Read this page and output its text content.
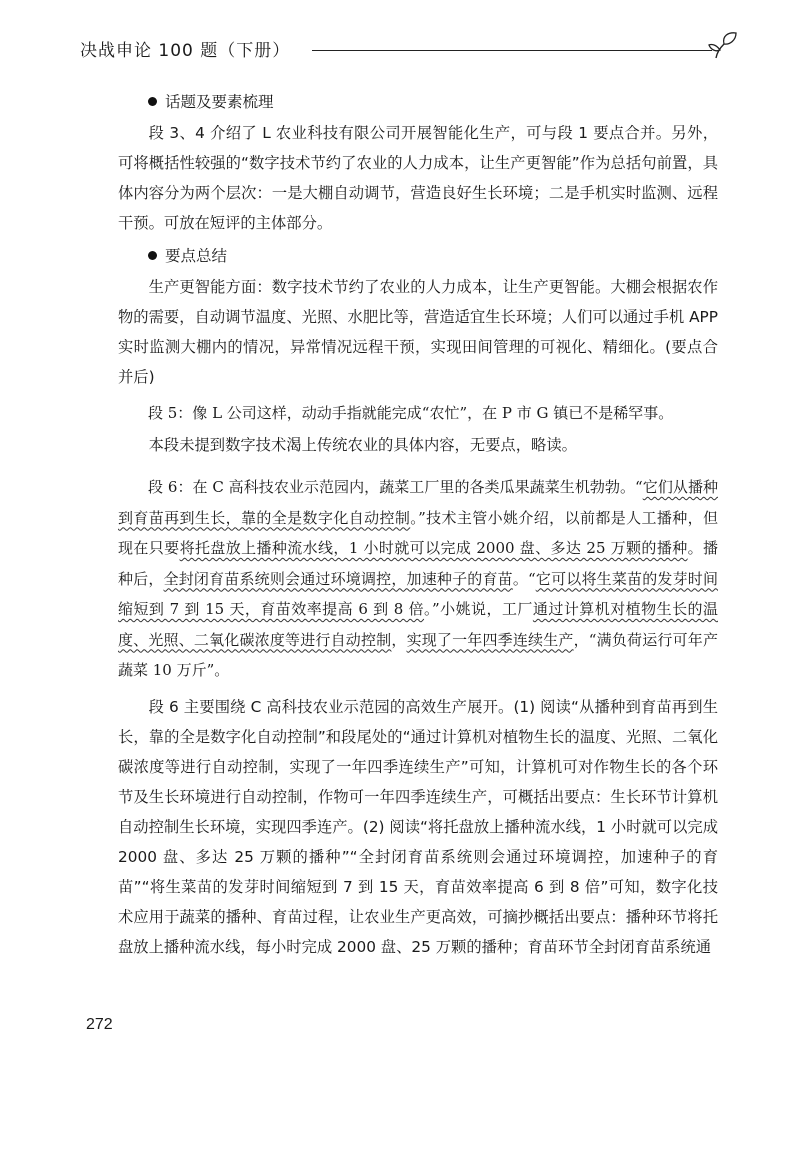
决战申论 100 题（下册）
话题及要素梳理

段 3、4 介绍了 L 农业科技有限公司开展智能化生产，可与段 1 要点合并。另外，可将概括性较强的“数字技术节约了农业的人力成本，让生产更智能”作为总括句前置，具体内容分为两个层次：一是大棚自动调节，营造良好生长环境；二是手机实时监测、远程干预。可放在短评的主体部分。

要点总结

生产更智能方面：数字技术节约了农业的人力成本，让生产更智能。大棚会根据农作物的需要，自动调节温度、光照、水肥比等，营造适宜生长环境；人们可以通过手机 APP 实时监测大棚内的情况，异常情况远程干预，实现田间管理的可视化、精细化。(要点合并后)

段 5：像 L 公司这样，动动手指就能完成“农忙”，在 P 市 G 镇已不是稀罕事。

本段未提到数字技术渴上传统农业的具体内容，无要点，略读。

段 6：在 C 高科技农业示范园内，蔬菜工厂里的各类瓜果蔬菜生机勃勃。“它们从播种到育苗再到生长，靠的全是数字化自动控制。”技术主管小姚介绍，以前都是人工播种，但现在只要将托盘放上播种流水线，1 小时就可以完成 2000 盘、多达 25 万颗的播种。播种后，全封闭育苗系统则会通过环境调控，加速种子的育苗。“它可以将生菜苗的发芽时间缩短到 7 到 15 天，育苗效率提高 6 到 8 倍。”小姚说，工厂通过计算机对植物生长的温度、光照、二氧化碳浓度等进行自动控制，实现了一年四季连续生产，“满负荷运行可年产蔬菜 10 万斤”。

段 6 主要围绕 C 高科技农业示范园的高效生产展开。(1) 阅读“从播种到育苗再到生长，靠的全是数字化自动控制”和段尾处的“通过计算机对植物生长的温度、光照、二氧化碳浓度等进行自动控制，实现了一年四季连续生产”可知，计算机可对作物生长的各个环节及生长环境进行自动控制，作物可一年四季连续生产，可概括出要点：生长环节计算机自动控制生长环境，实现四季连产。(2) 阅读“将托盘放上播种流水线，1 小时就可以完成 2000 盘、多达 25 万颗的播种”“全封闭育苗系统则会通过环境调控，加速种子的育苗”“将生菜苗的发芽时间缩短到 7 到 15 天，育苗效率提高 6 到 8 倍”可知，数字化技术应用于蔬菜的播种、育苗过程，让农业生产更高效，可摘抄概括出要点：播种环节将托盘放上播种流水线，每小时完成 2000 盘、25 万颗的播种；育苗环节全封闭育苗系统通

272
